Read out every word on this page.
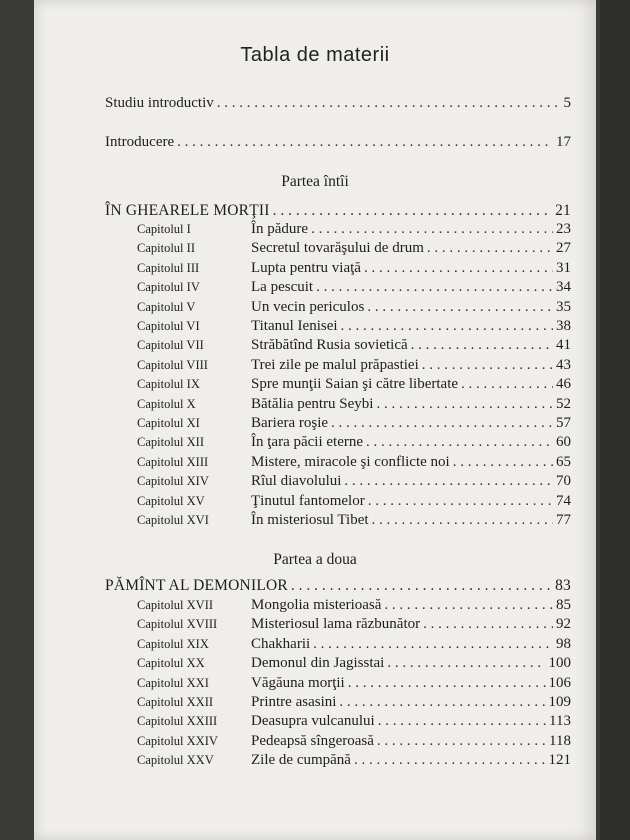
Tabla de materii
Studiu introductiv . . .	5
Introducere . . .	17
Partea întîi
ÎN GHEARELE MORŢII . . .	21
Capitolul I	În pădure . . .	23
Capitolul II	Secretul tovarăşului de drum . . .	27
Capitolul III	Lupta pentru viaţă . . .	31
Capitolul IV	La pescuit . . .	34
Capitolul V	Un vecin periculos . . .	35
Capitolul VI	Titanul Ienisei . . .	38
Capitolul VII	Străbătînd Rusia sovietică . . .	41
Capitolul VIII	Trei zile pe malul prăpastiei . . .	43
Capitolul IX	Spre munţii Saian şi către libertate . . .	46
Capitolul X	Bătălia pentru Seybi . . .	52
Capitolul XI	Bariera roşie . . .	57
Capitolul XII	În ţara păcii eterne . . .	60
Capitolul XIII	Mistere, miracole şi conflicte noi . . .	65
Capitolul XIV	Rîul diavolului . . .	70
Capitolul XV	Ţinutul fantomelor . . .	74
Capitolul XVI	În misteriosul Tibet . . .	77
Partea a doua
PĂMÎNT AL DEMONILOR . . .	83
Capitolul XVII	Mongolia misterioasă . . .	85
Capitolul XVIII	Misteriosul lama răzbunător . . .	92
Capitolul XIX	Chakharii . . .	98
Capitolul XX	Demonul din Jagisstai . . .	100
Capitolul XXI	Văgăuna morţii . . .	106
Capitolul XXII	Printre asasini . . .	109
Capitolul XXIII	Deasupra vulcanului . . .	113
Capitolul XXIV	Pedeapsă sîngeroasă . . .	118
Capitolul XXV	Zile de cumpănă . . .	121
